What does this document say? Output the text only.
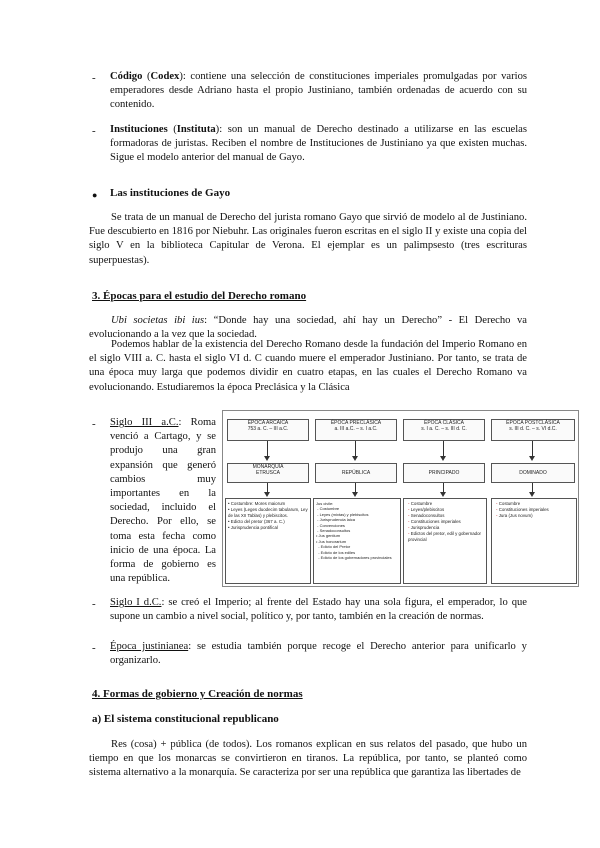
- Código (Codex): contiene una selección de constituciones imperiales promulgadas por varios emperadores desde Adriano hasta el propio Justiniano, también ordenadas de acuerdo con su contenido.
- Instituciones (Instituta): son un manual de Derecho destinado a utilizarse en las escuelas formadoras de juristas. Reciben el nombre de Instituciones de Justiniano ya que existen muchas. Sigue el modelo anterior del manual de Gayo.
● Las instituciones de Gayo
Se trata de un manual de Derecho del jurista romano Gayo que sirvió de modelo al de Justiniano. Fue descubierto en 1816 por Niebuhr. Las originales fueron escritas en el siglo II y existe una copia del siglo V en la biblioteca Capitular de Verona. El ejemplar es un palimpsesto (tres escrituras superpuestas).
3. Épocas para el estudio del Derecho romano
Ubi societas ibi ius: “Donde hay una sociedad, ahí hay un Derecho” - El Derecho va evolucionando a la vez que la sociedad.
Podemos hablar de la existencia del Derecho Romano desde la fundación del Imperio Romano en el siglo VIII a. C. hasta el siglo VI d. C cuando muere el emperador Justiniano. Por tanto, se trata de una época muy larga que podemos dividir en cuatro etapas, en las cuales el Derecho Romano va evolucionando. Estudiaremos la época Preclásica y la Clásica
- Siglo III a.C.: Roma venció a Cartago, y se produjo una gran expansión que generó cambios muy importantes en la sociedad, incluido el Derecho. Por ello, se toma esta fecha como inicio de una época. La forma de gobierno es una república.
ÉPOCA ARCAICA
753 a. C. – III a.C.
ÉPOCA PRECLÁSICA
a. III a.C. – s. I a.C.
ÉPOCA CLÁSICA
s. I a. C. – s. III d. C.
ÉPOCA POSTCLÁSICA
s. III d. C. – s. VI d.C.
MONARQUÍA
ETRUSCA	REPÚBLICA	PRINCIPADO	DOMINADO
• Costumbre: Mores maiorum
• Leyes (Leges duodecim tabularum, Ley de las XII Tablas) y plebiscitos.
• Edicto del pretor (367 a. C.)
• Jurisprudencia pontifical
Jus civile:
- Costumbre
- Leyes (mixtas) y plebiscitos
- Jurisprudencia laica
- Convenciones
- Senadoconsultos
• Jus gentium
• Jus honorarium
- Edicto del Pretor
- Edicto de los ediles
- Edicto de los gobernadores provinciales
- Costumbre
- Leyes/plebiscitos
- Senadoconsultos
- Constituciones imperiales
- Jurisprudencia
- Edictos del pretor, edil y gobernador provincial
- Costumbre
- Constituciones imperiales
- Jura (Jus novum)
- Siglo I d.C.: se creó el Imperio; al frente del Estado hay una sola figura, el emperador, lo que supone un cambio a nivel social, político y, por tanto, también en la creación de normas.
- Época justinianea: se estudia también porque recoge el Derecho anterior para unificarlo y organizarlo.
4. Formas de gobierno y Creación de normas
a) El sistema constitucional republicano
Res (cosa) + pública (de todos). Los romanos explican en sus relatos del pasado, que hubo un tiempo en que los monarcas se convirtieron en tiranos. La república, por tanto, se planteó como sistema alternativo a la monarquía. Se caracteriza por ser una república que garantiza las libertades de
